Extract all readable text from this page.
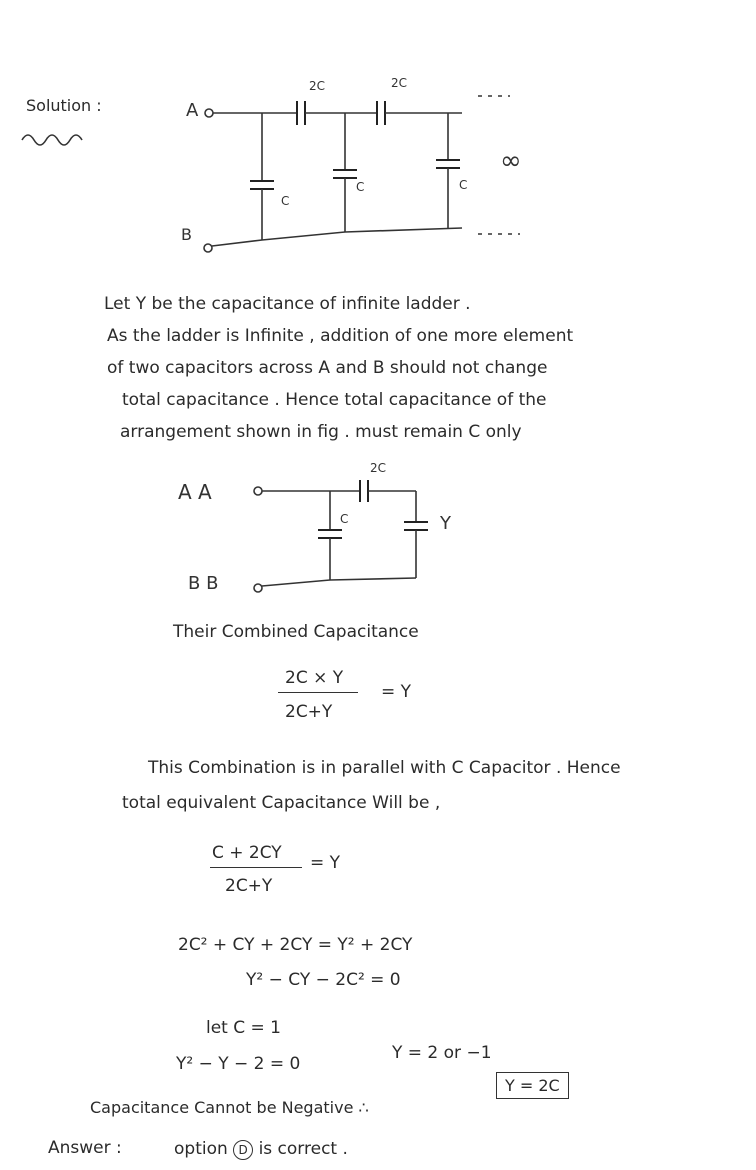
Solution :	A
B
2C	2C
C
C	C
∞
Let Y be the capacitance of infinite ladder .
As the ladder is Infinite , addition of one more element
of two capacitors across A and B should not change
total capacitance . Hence total capacitance of the
arrangement shown in fig . must remain C only
A A
B B
2C
C	Y
Their Combined Capacitance
2C × Y
2C+Y
= Y
This Combination is in parallel with C Capacitor . Hence
total equivalent Capacitance Will be ,
C + 2CY
2C+Y
= Y
2C² + CY + 2CY = Y² + 2CY
Y² − CY − 2C² = 0
let C = 1
Y² − Y − 2 = 0
Y = 2 or −1
Capacitance Cannot be Negative ∴
Y = 2C
Answer :	option D is correct .
